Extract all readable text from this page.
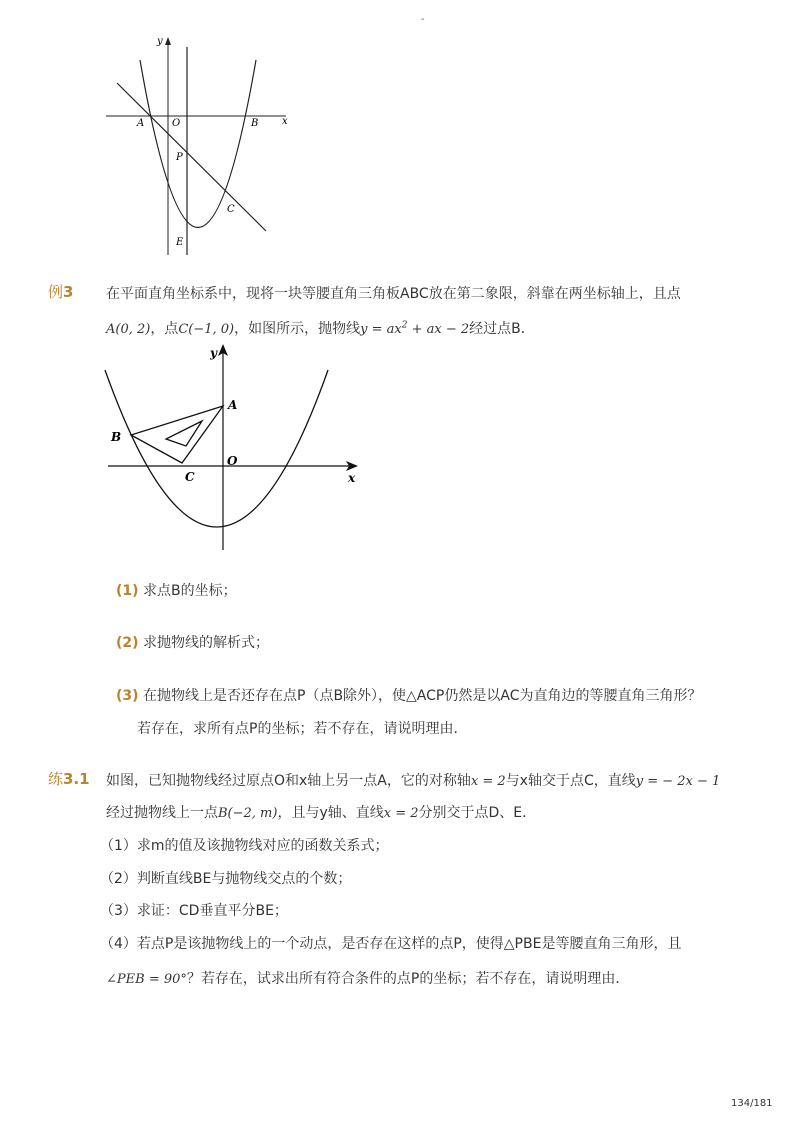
-
y
x
A	O	B
P
C
E
例3 在平面直角坐标系中，现将一块等腰直角三角板ABC放在第二象限，斜靠在两坐标轴上，且点
A(0, 2)，点C(−1, 0)，如图所示，抛物线$y = ax^2$ + ax − 2经过点B．
y
x
A
B
C
O
(1) 求点B的坐标；
(2) 求抛物线的解析式；
(3) 在抛物线上是否还存在点P（点B除外），使△ACP仍然是以AC为直角边的等腰直角三角形？
若存在，求所有点P的坐标；若不存在，请说明理由．
练3.1 如图，已知抛物线经过原点O和x轴上另一点A，它的对称轴x = 2与x轴交于点C，直线y = − 2x − 1
经过抛物线上一点B(−2, m)，且与y轴、直线x = 2分别交于点D、E．
（1）求m的值及该抛物线对应的函数关系式；
（2）判断直线BE与抛物线交点的个数；
（3）求证：CD垂直平分BE；
（4）若点P是该抛物线上的一个动点，是否存在这样的点P，使得△PBE是等腰直角三角形，且
∠PEB = 90°？若存在，试求出所有符合条件的点P的坐标；若不存在，请说明理由．
134/181
